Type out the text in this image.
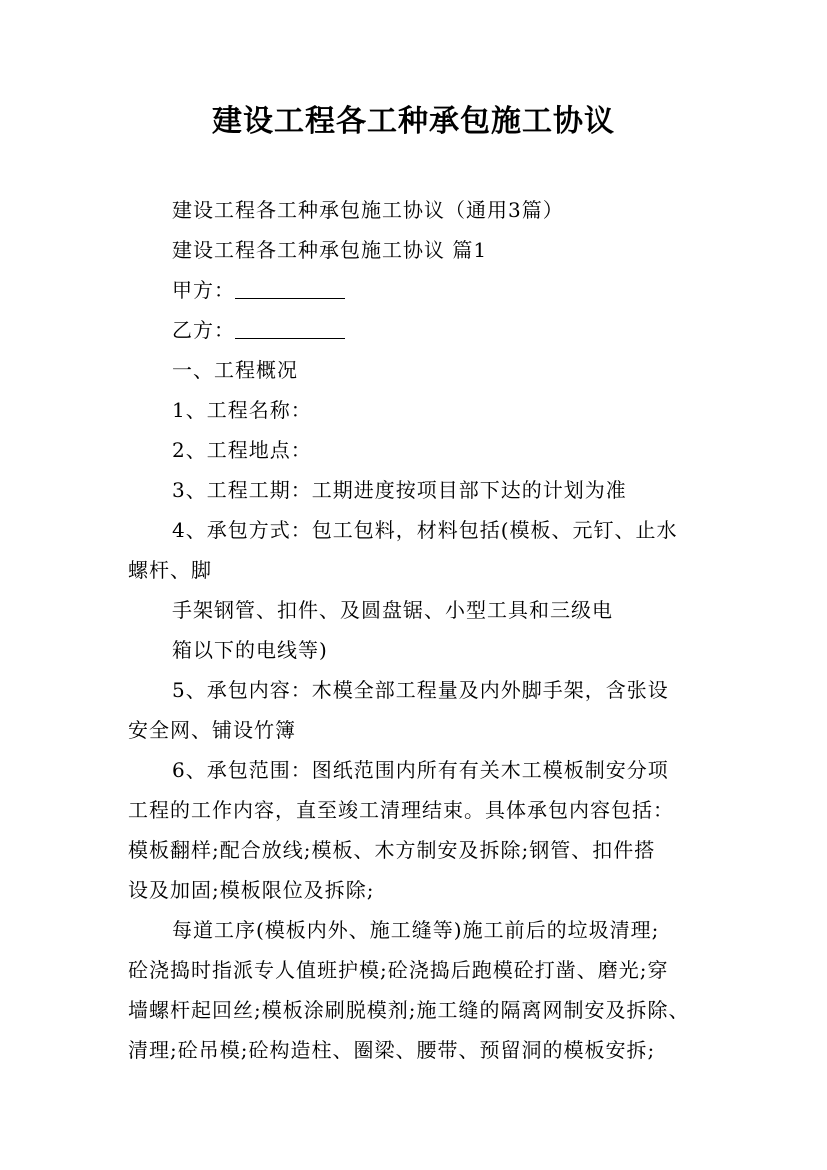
建设工程各工种承包施工协议

建设工程各工种承包施工协议（通用3篇）

建设工程各工种承包施工协议 篇1

甲方：

乙方：

一、工程概况

1、工程名称：

2、工程地点：

3、工程工期：工期进度按项目部下达的计划为准

4、承包方式：包工包料，材料包括(模板、元钉、止水

螺杆、脚

手架钢管、扣件、及圆盘锯、小型工具和三级电

箱以下的电线等)

5、承包内容：木模全部工程量及内外脚手架，含张设

安全网、铺设竹簿

6、承包范围：图纸范围内所有有关木工模板制安分项

工程的工作内容，直至竣工清理结束。具体承包内容包括：

模板翻样;配合放线;模板、木方制安及拆除;钢管、扣件搭

设及加固;模板限位及拆除;

每道工序(模板内外、施工缝等)施工前后的垃圾清理;

砼浇捣时指派专人值班护模;砼浇捣后跑模砼打凿、磨光;穿

墙螺杆起回丝;模板涂刷脱模剂;施工缝的隔离网制安及拆除、

清理;砼吊模;砼构造柱、圈梁、腰带、预留洞的模板安拆;
